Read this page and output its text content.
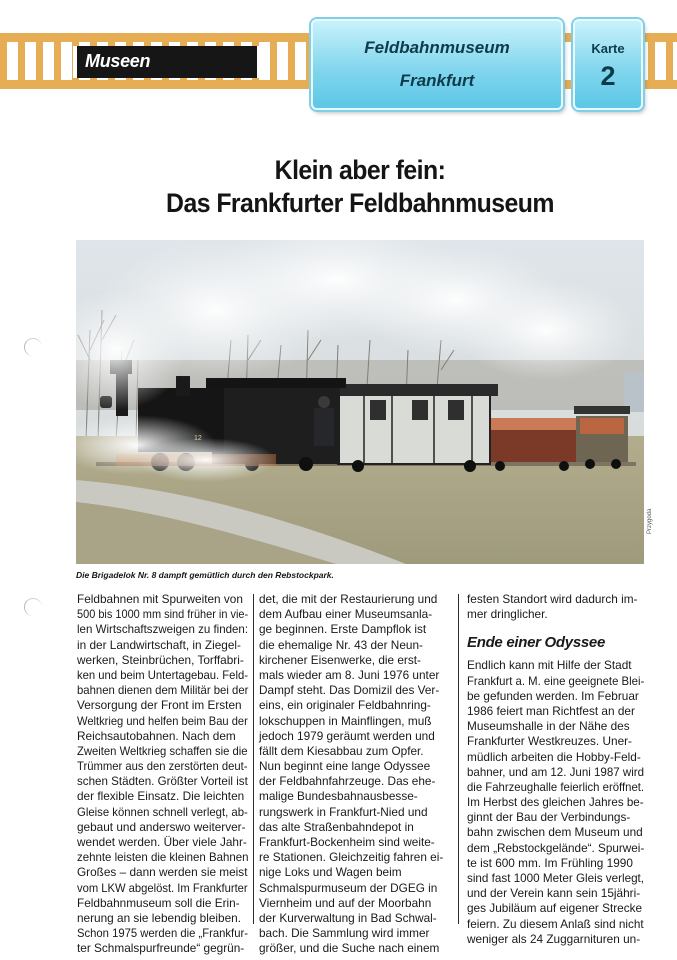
Museen
Feldbahnmuseum
Frankfurt
Karte
2
Klein aber fein:
Das Frankfurter Feldbahnmuseum
Przygoda
Die Brigadelok Nr. 8 dampft gemütlich durch den Rebstockpark.
Feldbahnen mit Spurweiten von
500 bis 1000 mm sind früher in vie-
len Wirtschaftszweigen zu finden:
in der Landwirtschaft, in Ziegel-
werken, Steinbrüchen, Torffabri-
ken und beim Untertagebau. Feld-
bahnen dienen dem Militär bei der
Versorgung der Front im Ersten
Weltkrieg und helfen beim Bau der
Reichsautobahnen. Nach dem
Zweiten Weltkrieg schaffen sie die
Trümmer aus den zerstörten deut-
schen Städten. Größter Vorteil ist
der flexible Einsatz. Die leichten
Gleise können schnell verlegt, ab-
gebaut und anderswo weiterver-
wendet werden. Über viele Jahr-
zehnte leisten die kleinen Bahnen
Großes – dann werden sie meist
vom LKW abgelöst. Im Frankfurter
Feldbahnmuseum soll die Erin-
nerung an sie lebendig bleiben.
Schon 1975 werden die „Frankfur-
ter Schmalspurfreunde“ gegrün-
det, die mit der Restaurierung und
dem Aufbau einer Museumsanla-
ge beginnen. Erste Dampflok ist
die ehemalige Nr. 43 der Neun-
kirchener Eisenwerke, die erst-
mals wieder am 8. Juni 1976 unter
Dampf steht. Das Domizil des Ver-
eins, ein originaler Feldbahnring-
lokschuppen in Mainflingen, muß
jedoch 1979 geräumt werden und
fällt dem Kiesabbau zum Opfer.
Nun beginnt eine lange Odyssee
der Feldbahnfahrzeuge. Das ehe-
malige Bundesbahnausbesse-
rungswerk in Frankfurt-Nied und
das alte Straßenbahndepot in
Frankfurt-Bockenheim sind weite-
re Stationen. Gleichzeitig fahren ei-
nige Loks und Wagen beim
Schmalspurmuseum der DGEG in
Viernheim und auf der Moorbahn
der Kurverwaltung in Bad Schwal-
bach. Die Sammlung wird immer
größer, und die Suche nach einem
festen Standort wird dadurch im-
mer dringlicher.
Ende einer Odyssee
Endlich kann mit Hilfe der Stadt
Frankfurt a. M. eine geeignete Blei-
be gefunden werden. Im Februar
1986 feiert man Richtfest an der
Museumshalle in der Nähe des
Frankfurter Westkreuzes. Uner-
müdlich arbeiten die Hobby-Feld-
bahner, und am 12. Juni 1987 wird
die Fahrzeughalle feierlich eröffnet.
Im Herbst des gleichen Jahres be-
ginnt der Bau der Verbindungs-
bahn zwischen dem Museum und
dem „Rebstockgelände“. Spurwei-
te ist 600 mm. Im Frühling 1990
sind fast 1000 Meter Gleis verlegt,
und der Verein kann sein 15jähri-
ges Jubiläum auf eigener Strecke
feiern. Zu diesem Anlaß sind nicht
weniger als 24 Zuggarnituren un-
